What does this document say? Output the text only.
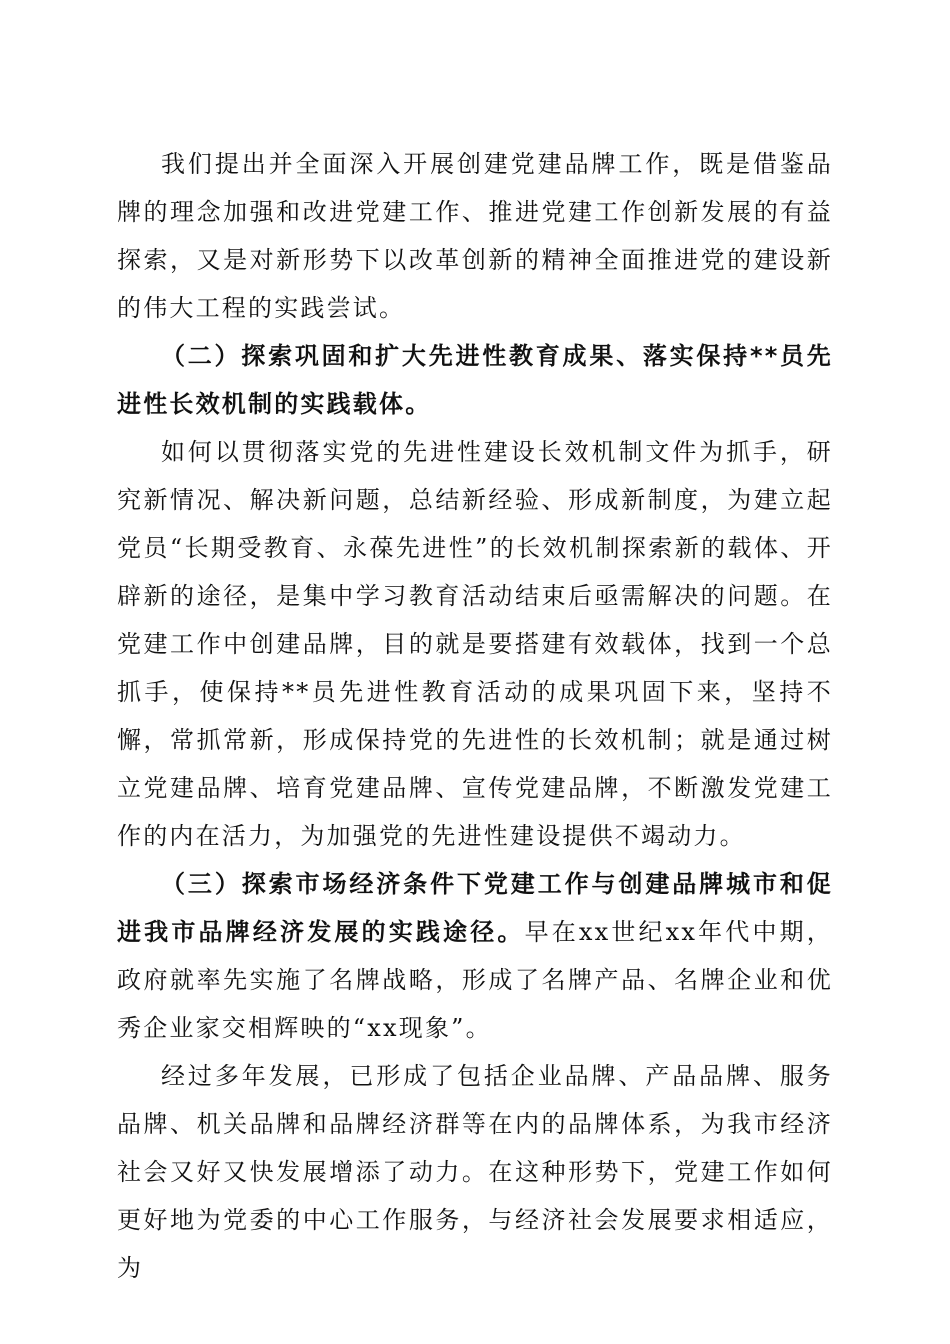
我们提出并全面深入开展创建党建品牌工作，既是借鉴品牌的理念加强和改进党建工作、推进党建工作创新发展的有益探索，又是对新形势下以改革创新的精神全面推进党的建设新的伟大工程的实践尝试。

（二）探索巩固和扩大先进性教育成果、落实保持**员先进性长效机制的实践载体。

如何以贯彻落实党的先进性建设长效机制文件为抓手，研究新情况、解决新问题，总结新经验、形成新制度，为建立起党员“长期受教育、永葆先进性”的长效机制探索新的载体、开辟新的途径，是集中学习教育活动结束后亟需解决的问题。在党建工作中创建品牌，目的就是要搭建有效载体，找到一个总抓手，使保持**员先进性教育活动的成果巩固下来，坚持不懈，常抓常新，形成保持党的先进性的长效机制；就是通过树立党建品牌、培育党建品牌、宣传党建品牌，不断激发党建工作的内在活力，为加强党的先进性建设提供不竭动力。

（三）探索市场经济条件下党建工作与创建品牌城市和促进我市品牌经济发展的实践途径。早在xx世纪xx年代中期，政府就率先实施了名牌战略，形成了名牌产品、名牌企业和优秀企业家交相辉映的“xx现象”。

经过多年发展，已形成了包括企业品牌、产品品牌、服务品牌、机关品牌和品牌经济群等在内的品牌体系，为我市经济社会又好又快发展增添了动力。在这种形势下，党建工作如何更好地为党委的中心工作服务，与经济社会发展要求相适应，为
